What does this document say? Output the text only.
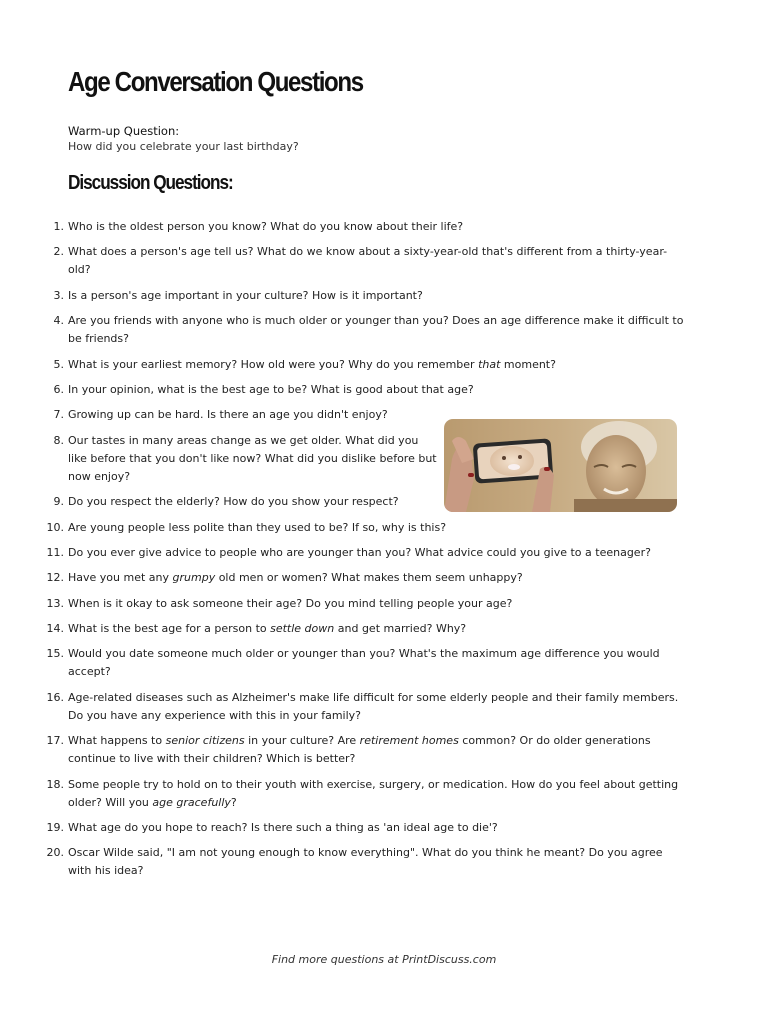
Age Conversation Questions
Warm-up Question:
How did you celebrate your last birthday?
Discussion Questions:
1. Who is the oldest person you know? What do you know about their life?
2. What does a person's age tell us? What do we know about a sixty-year-old that's different from a thirty-year-old?
3. Is a person's age important in your culture? How is it important?
4. Are you friends with anyone who is much older or younger than you? Does an age difference make it difficult to be friends?
5. What is your earliest memory? How old were you? Why do you remember that moment?
6. In your opinion, what is the best age to be? What is good about that age?
7. Growing up can be hard. Is there an age you didn't enjoy?
8. Our tastes in many areas change as we get older. What did you like before that you don't like now? What did you dislike before but now enjoy?
9. Do you respect the elderly? How do you show your respect?
10. Are young people less polite than they used to be? If so, why is this?
11. Do you ever give advice to people who are younger than you? What advice could you give to a teenager?
12. Have you met any grumpy old men or women? What makes them seem unhappy?
13. When is it okay to ask someone their age? Do you mind telling people your age?
14. What is the best age for a person to settle down and get married? Why?
15. Would you date someone much older or younger than you? What's the maximum age difference you would accept?
16. Age-related diseases such as Alzheimer's make life difficult for some elderly people and their family members. Do you have any experience with this in your family?
17. What happens to senior citizens in your culture? Are retirement homes common? Or do older generations continue to live with their children? Which is better?
18. Some people try to hold on to their youth with exercise, surgery, or medication. How do you feel about getting older? Will you age gracefully?
19. What age do you hope to reach? Is there such a thing as 'an ideal age to die'?
20. Oscar Wilde said, "I am not young enough to know everything". What do you think he meant? Do you agree with his idea?
Find more questions at PrintDiscuss.com
